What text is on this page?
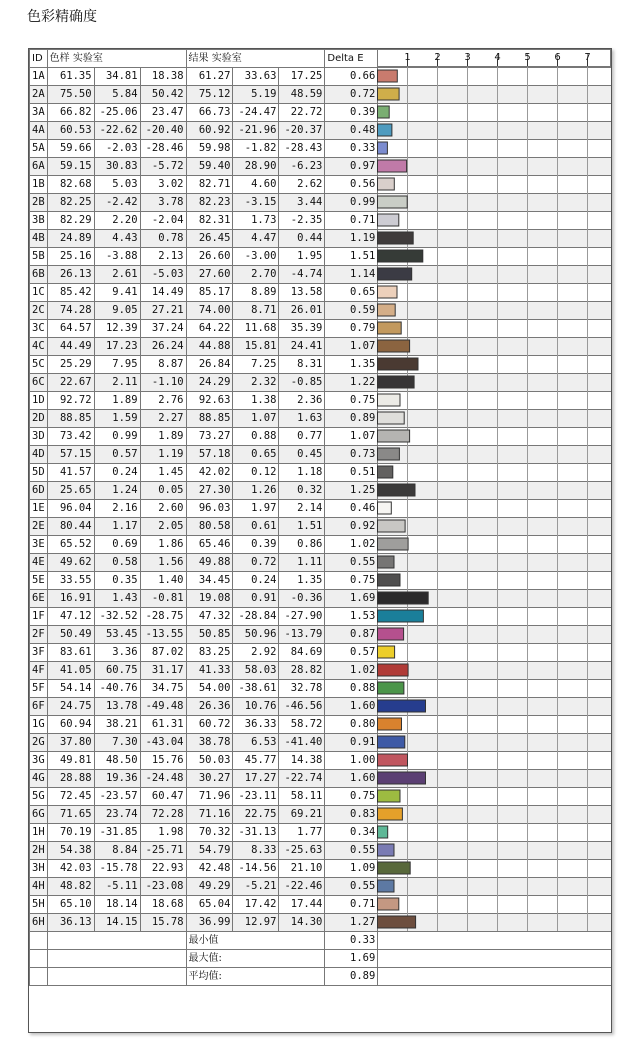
色彩精确度
ID	色样 实验室			结果 实验室			Delta E	
1A	61.35	34.81	18.38	61.27	33.63	17.25	0.66	
2A	75.50	5.84	50.42	75.12	5.19	48.59	0.72	
3A	66.82	-25.06	23.47	66.73	-24.47	22.72	0.39	
4A	60.53	-22.62	-20.40	60.92	-21.96	-20.37	0.48	
5A	59.66	-2.03	-28.46	59.98	-1.82	-28.43	0.33	
6A	59.15	30.83	-5.72	59.40	28.90	-6.23	0.97	
1B	82.68	5.03	3.02	82.71	4.60	2.62	0.56	
2B	82.25	-2.42	3.78	82.23	-3.15	3.44	0.99	
3B	82.29	2.20	-2.04	82.31	1.73	-2.35	0.71	
4B	24.89	4.43	0.78	26.45	4.47	0.44	1.19	
5B	25.16	-3.88	2.13	26.60	-3.00	1.95	1.51	
6B	26.13	2.61	-5.03	27.60	2.70	-4.74	1.14	
1C	85.42	9.41	14.49	85.17	8.89	13.58	0.65	
2C	74.28	9.05	27.21	74.00	8.71	26.01	0.59	
3C	64.57	12.39	37.24	64.22	11.68	35.39	0.79	
4C	44.49	17.23	26.24	44.88	15.81	24.41	1.07	
5C	25.29	7.95	8.87	26.84	7.25	8.31	1.35	
6C	22.67	2.11	-1.10	24.29	2.32	-0.85	1.22	
1D	92.72	1.89	2.76	92.63	1.38	2.36	0.75	
2D	88.85	1.59	2.27	88.85	1.07	1.63	0.89	
3D	73.42	0.99	1.89	73.27	0.88	0.77	1.07	
4D	57.15	0.57	1.19	57.18	0.65	0.45	0.73	
5D	41.57	0.24	1.45	42.02	0.12	1.18	0.51	
6D	25.65	1.24	0.05	27.30	1.26	0.32	1.25	
1E	96.04	2.16	2.60	96.03	1.97	2.14	0.46	
2E	80.44	1.17	2.05	80.58	0.61	1.51	0.92	
3E	65.52	0.69	1.86	65.46	0.39	0.86	1.02	
4E	49.62	0.58	1.56	49.88	0.72	1.11	0.55	
5E	33.55	0.35	1.40	34.45	0.24	1.35	0.75	
6E	16.91	1.43	-0.81	19.08	0.91	-0.36	1.69	
1F	47.12	-32.52	-28.75	47.32	-28.84	-27.90	1.53	
2F	50.49	53.45	-13.55	50.85	50.96	-13.79	0.87	
3F	83.61	3.36	87.02	83.25	2.92	84.69	0.57	
4F	41.05	60.75	31.17	41.33	58.03	28.82	1.02	
5F	54.14	-40.76	34.75	54.00	-38.61	32.78	0.88	
6F	24.75	13.78	-49.48	26.36	10.76	-46.56	1.60	
1G	60.94	38.21	61.31	60.72	36.33	58.72	0.80	
2G	37.80	7.30	-43.04	38.78	6.53	-41.40	0.91	
3G	49.81	48.50	15.76	50.03	45.77	14.38	1.00	
4G	28.88	19.36	-24.48	30.27	17.27	-22.74	1.60	
5G	72.45	-23.57	60.47	71.96	-23.11	58.11	0.75	
6G	71.65	23.74	72.28	71.16	22.75	69.21	0.83	
1H	70.19	-31.85	1.98	70.32	-31.13	1.77	0.34	
2H	54.38	8.84	-25.71	54.79	8.33	-25.63	0.55	
3H	42.03	-15.78	22.93	42.48	-14.56	21.10	1.09	
4H	48.82	-5.11	-23.08	49.29	-5.21	-22.46	0.55	
5H	65.10	18.14	18.68	65.04	17.42	17.44	0.71	
6H	36.13	14.15	15.78	36.99	12.97	14.30	1.27	
				最小值			0.33	
				最大值:			1.69	
				平均值:			0.89	
1 2 3 4 5 6 7
